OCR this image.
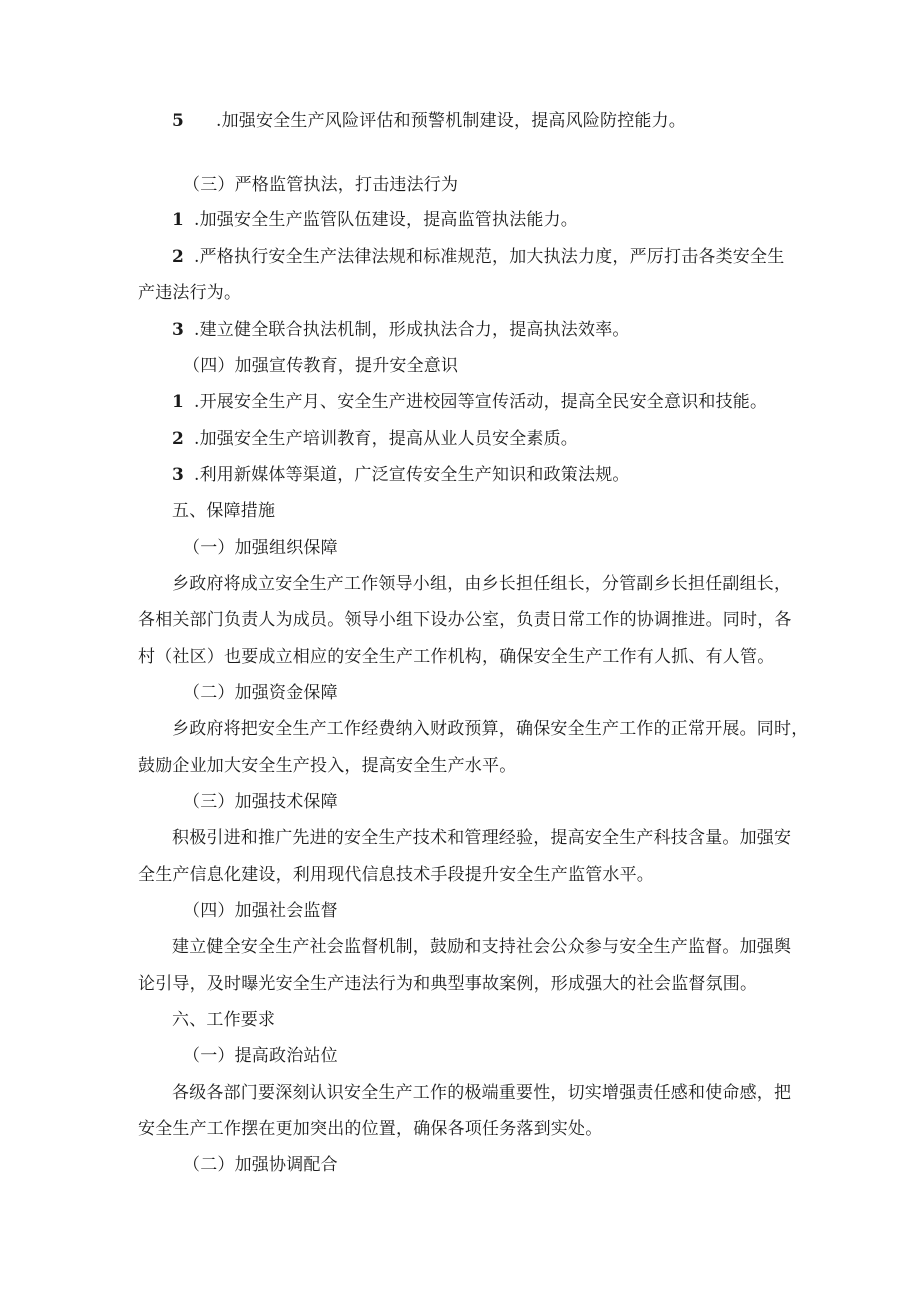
5 .加强安全生产风险评估和预警机制建设，提高风险防控能力。
（三）严格监管执法，打击违法行为
1 .加强安全生产监管队伍建设，提高监管执法能力。
2 .严格执行安全生产法律法规和标准规范，加大执法力度，严厉打击各类安全生
产违法行为。
3 .建立健全联合执法机制，形成执法合力，提高执法效率。
（四）加强宣传教育，提升安全意识
1 .开展安全生产月、安全生产进校园等宣传活动，提高全民安全意识和技能。
2 .加强安全生产培训教育，提高从业人员安全素质。
3 .利用新媒体等渠道，广泛宣传安全生产知识和政策法规。
五、保障措施
（一）加强组织保障
乡政府将成立安全生产工作领导小组，由乡长担任组长，分管副乡长担任副组长，
各相关部门负责人为成员。领导小组下设办公室，负责日常工作的协调推进。同时，各
村（社区）也要成立相应的安全生产工作机构，确保安全生产工作有人抓、有人管。
（二）加强资金保障
乡政府将把安全生产工作经费纳入财政预算，确保安全生产工作的正常开展。同时，
鼓励企业加大安全生产投入，提高安全生产水平。
（三）加强技术保障
积极引进和推广先进的安全生产技术和管理经验，提高安全生产科技含量。加强安
全生产信息化建设，利用现代信息技术手段提升安全生产监管水平。
（四）加强社会监督
建立健全安全生产社会监督机制，鼓励和支持社会公众参与安全生产监督。加强舆
论引导，及时曝光安全生产违法行为和典型事故案例，形成强大的社会监督氛围。
六、工作要求
（一）提高政治站位
各级各部门要深刻认识安全生产工作的极端重要性，切实增强责任感和使命感，把
安全生产工作摆在更加突出的位置，确保各项任务落到实处。
（二）加强协调配合
